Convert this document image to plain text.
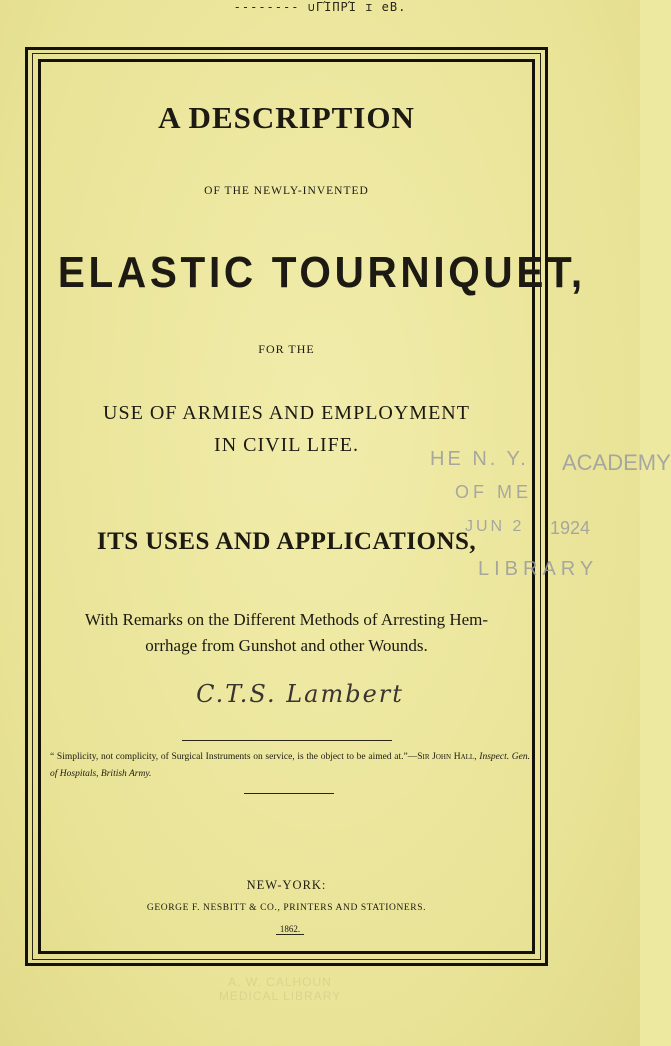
-------- ∪ΓΊΠΡΊ ɪ eB.
A DESCRIPTION
OF THE NEWLY-INVENTED
ELASTIC TOURNIQUET,
FOR THE
USE OF ARMIES AND EMPLOYMENT
IN CIVIL LIFE.
ITS USES AND APPLICATIONS,
With Remarks on the Different Methods of Arresting Hem-
orrhage from Gunshot and other Wounds.
C.T.S. Lambert
“ Simplicity, not complicity, of Surgical Instruments on service, is the object to be aimed at.”—Sir John Hall, Inspect. Gen. of Hospitals, British Army.
NEW-YORK:
GEORGE F. NESBITT & CO., PRINTERS AND STATIONERS.
1862.
HE N. Y. ACADEMY
OF ME
JUN 2 1924
LIBRARY
A. W. CALHOUN MEDICAL LIBRARY
